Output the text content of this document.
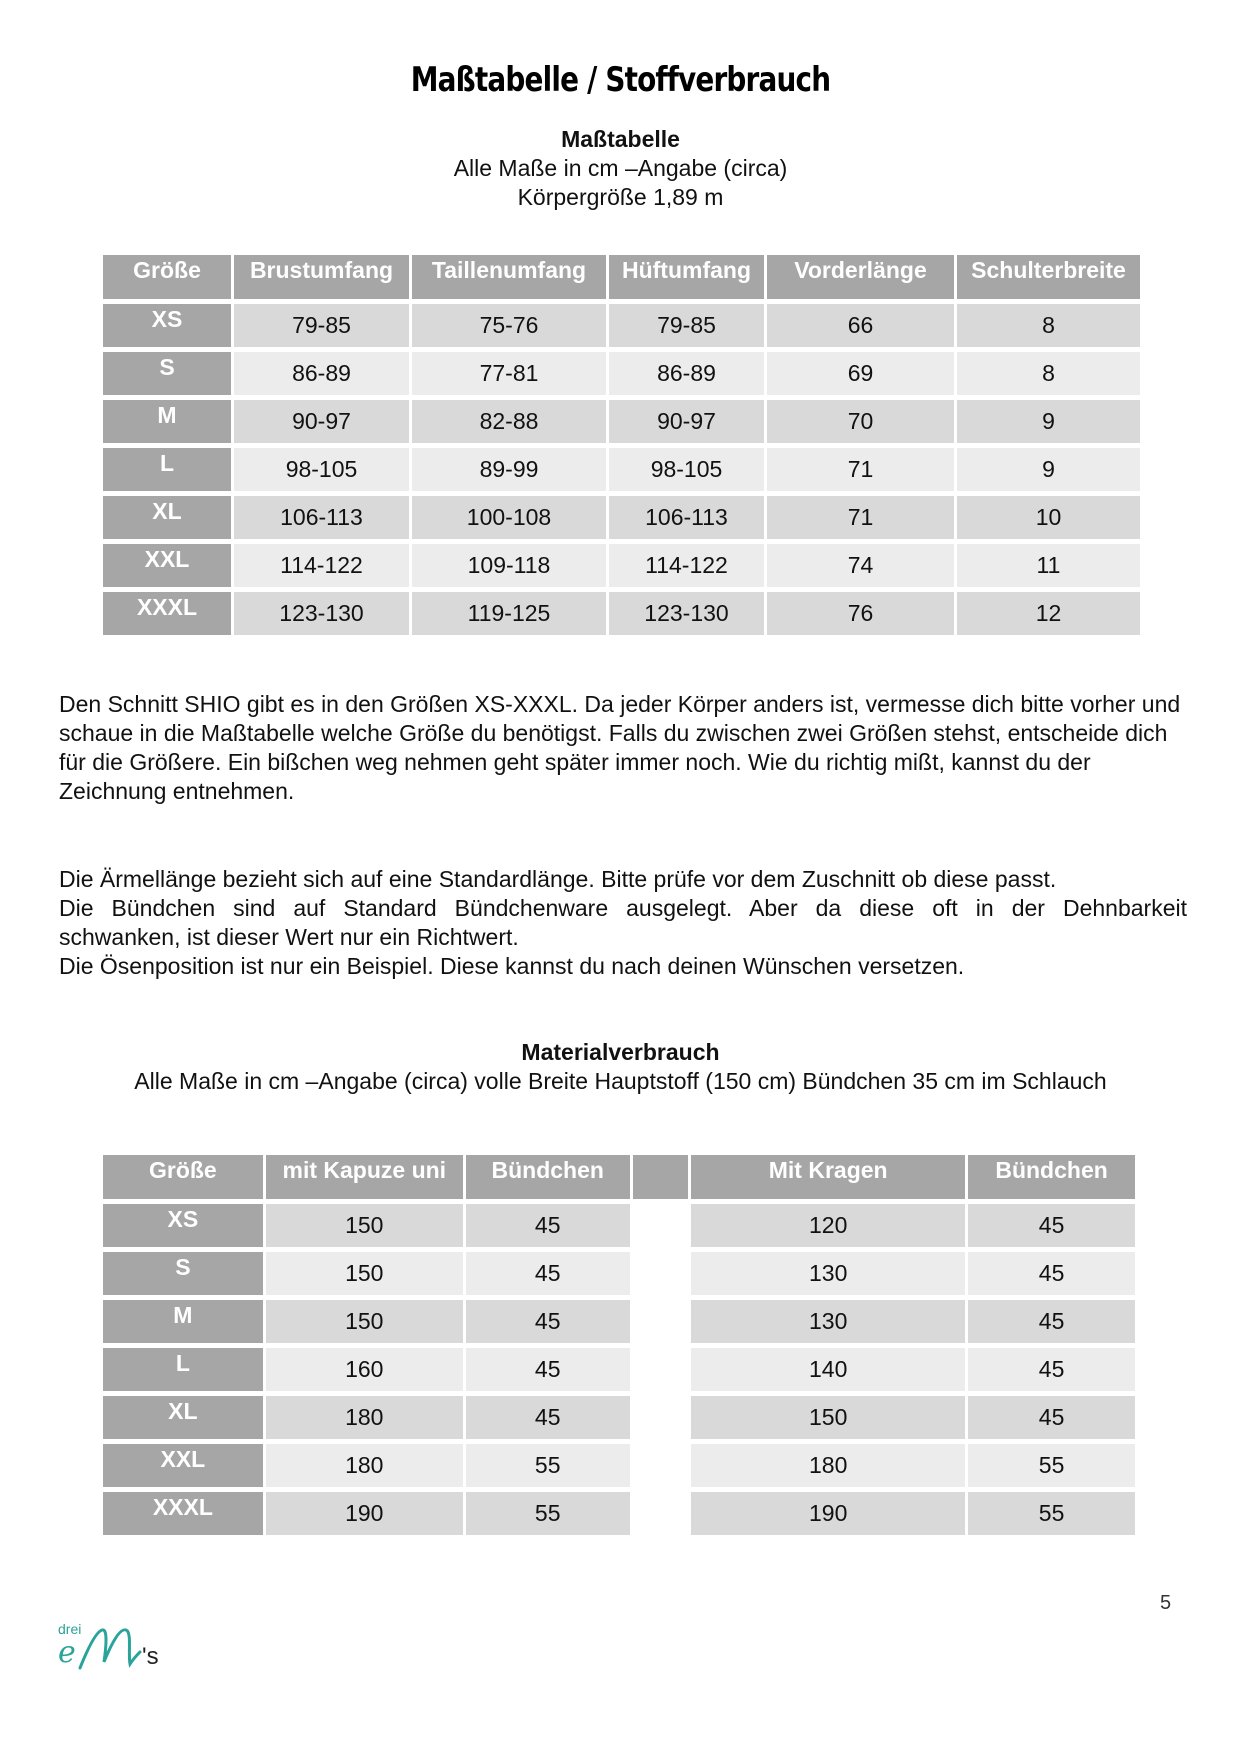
Maßtabelle / Stoffverbrauch
Maßtabelle
Alle Maße in cm –Angabe (circa)
Körpergröße 1,89 m
Größe	Brustumfang	Taillenumfang	Hüftumfang	Vorderlänge	Schulterbreite
XS	79-85	75-76	79-85	66	8
S	86-89	77-81	86-89	69	8
M	90-97	82-88	90-97	70	9
L	98-105	89-99	98-105	71	9
XL	106-113	100-108	106-113	71	10
XXL	114-122	109-118	114-122	74	11
XXXL	123-130	119-125	123-130	76	12

Den Schnitt SHIO gibt es in den Größen XS-XXXL. Da jeder Körper anders ist, vermesse dich bitte vorher und schaue in die Maßtabelle welche Größe du benötigst. Falls du zwischen zwei Größen stehst, entscheide dich für die Größere. Ein bißchen weg nehmen geht später immer noch. Wie du richtig mißt, kannst du der Zeichnung entnehmen.

Die Ärmellänge bezieht sich auf eine Standardlänge. Bitte prüfe vor dem Zuschnitt ob diese passt.

Die Bündchen sind auf Standard Bündchenware ausgelegt. Aber da diese oft in der Dehnbarkeit

schwanken, ist dieser Wert nur ein Richtwert.

Die Ösenposition ist nur ein Beispiel. Diese kannst du nach deinen Wünschen versetzen.

Materialverbrauch
Alle Maße in cm –Angabe (circa) volle Breite Hauptstoff (150 cm) Bündchen 35 cm im Schlauch
Größe	mit Kapuze uni	Bündchen		Mit Kragen	Bündchen
XS	150	45		120	45
S	150	45		130	45
M	150	45		130	45
L	160	45		140	45
XL	180	45		150	45
XXL	180	55		180	55
XXXL	190	55		190	55
5
drei
e	's
